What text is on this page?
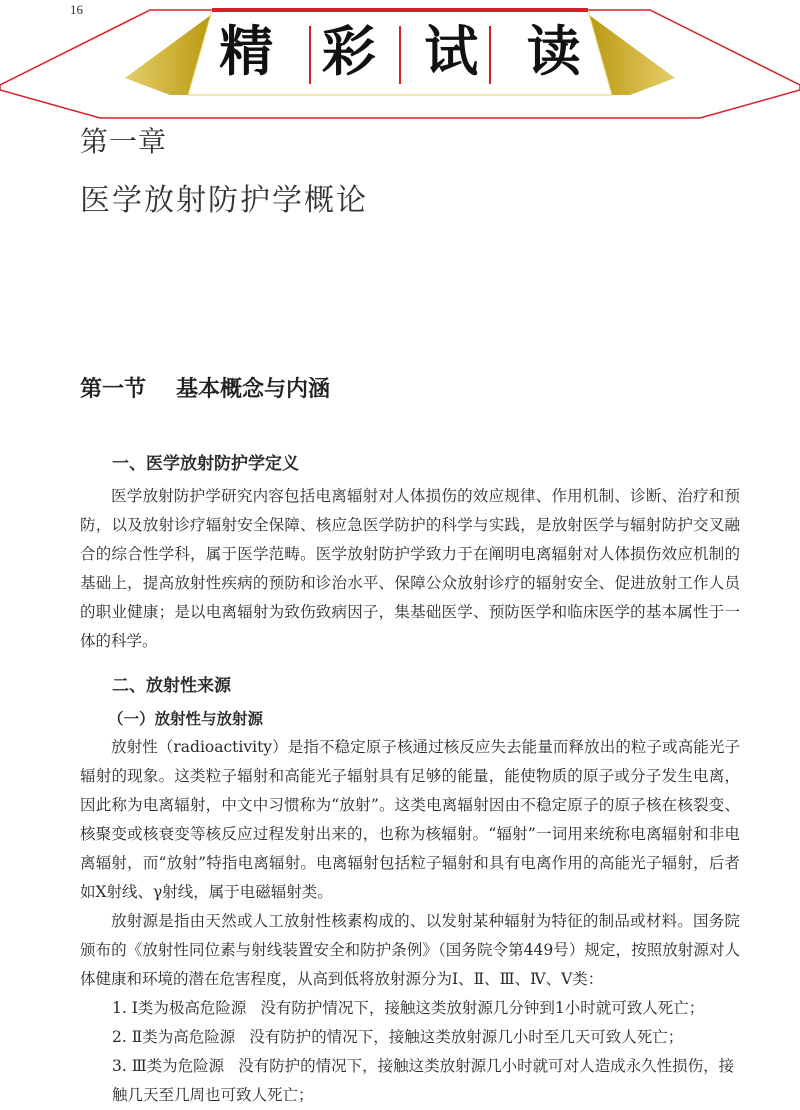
16
精 彩 试 读
第一章
医学放射防护学概论
第一节 基本概念与内涵
一、医学放射防护学定义

医学放射防护学研究内容包括电离辐射对人体损伤的效应规律、作用机制、诊断、治疗和预防，以及放射诊疗辐射安全保障、核应急医学防护的科学与实践，是放射医学与辐射防护交叉融合的综合性学科，属于医学范畴。医学放射防护学致力于在阐明电离辐射对人体损伤效应机制的基础上，提高放射性疾病的预防和诊治水平、保障公众放射诊疗的辐射安全、促进放射工作人员的职业健康；是以电离辐射为致伤致病因子，集基础医学、预防医学和临床医学的基本属性于一体的科学。

二、放射性来源
（一）放射性与放射源

放射性（radioactivity）是指不稳定原子核通过核反应失去能量而释放出的粒子或高能光子辐射的现象。这类粒子辐射和高能光子辐射具有足够的能量，能使物质的原子或分子发生电离，因此称为电离辐射，中文中习惯称为“放射”。这类电离辐射因由不稳定原子的原子核在核裂变、核聚变或核衰变等核反应过程发射出来的，也称为核辐射。“辐射”一词用来统称电离辐射和非电离辐射，而“放射”特指电离辐射。电离辐射包括粒子辐射和具有电离作用的高能光子辐射，后者如X射线、γ射线，属于电磁辐射类。

放射源是指由天然或人工放射性核素构成的、以发射某种辐射为特征的制品或材料。国务院颁布的《放射性同位素与射线装置安全和防护条例》（国务院令第449号）规定，按照放射源对人体健康和环境的潜在危害程度，从高到低将放射源分为Ⅰ、Ⅱ、Ⅲ、Ⅳ、Ⅴ类：

1. Ⅰ类为极高危险源 没有防护情况下，接触这类放射源几分钟到1小时就可致人死亡；

2. Ⅱ类为高危险源 没有防护的情况下，接触这类放射源几小时至几天可致人死亡；

3. Ⅲ类为危险源 没有防护的情况下，接触这类放射源几小时就可对人造成永久性损伤，接触几天至几周也可致人死亡；
